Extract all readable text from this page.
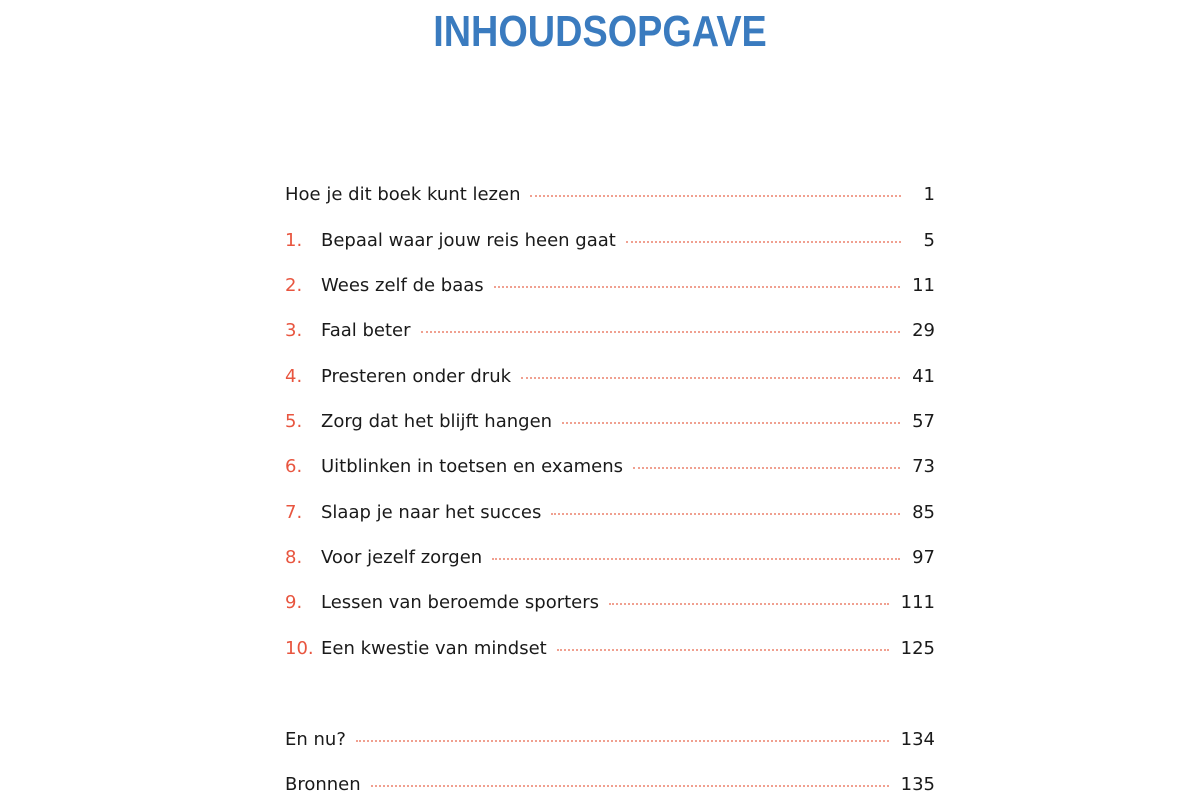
INHOUDSOPGAVE
Hoe je dit boek kunt lezen	1
1.	Bepaal waar jouw reis heen gaat	5
2.	Wees zelf de baas	11
3.	Faal beter	29
4.	Presteren onder druk	41
5.	Zorg dat het blijft hangen	57
6.	Uitblinken in toetsen en examens	73
7.	Slaap je naar het succes	85
8.	Voor jezelf zorgen	97
9.	Lessen van beroemde sporters	111
10. Een kwestie van mindset	125
En nu?	134
Bronnen	135
